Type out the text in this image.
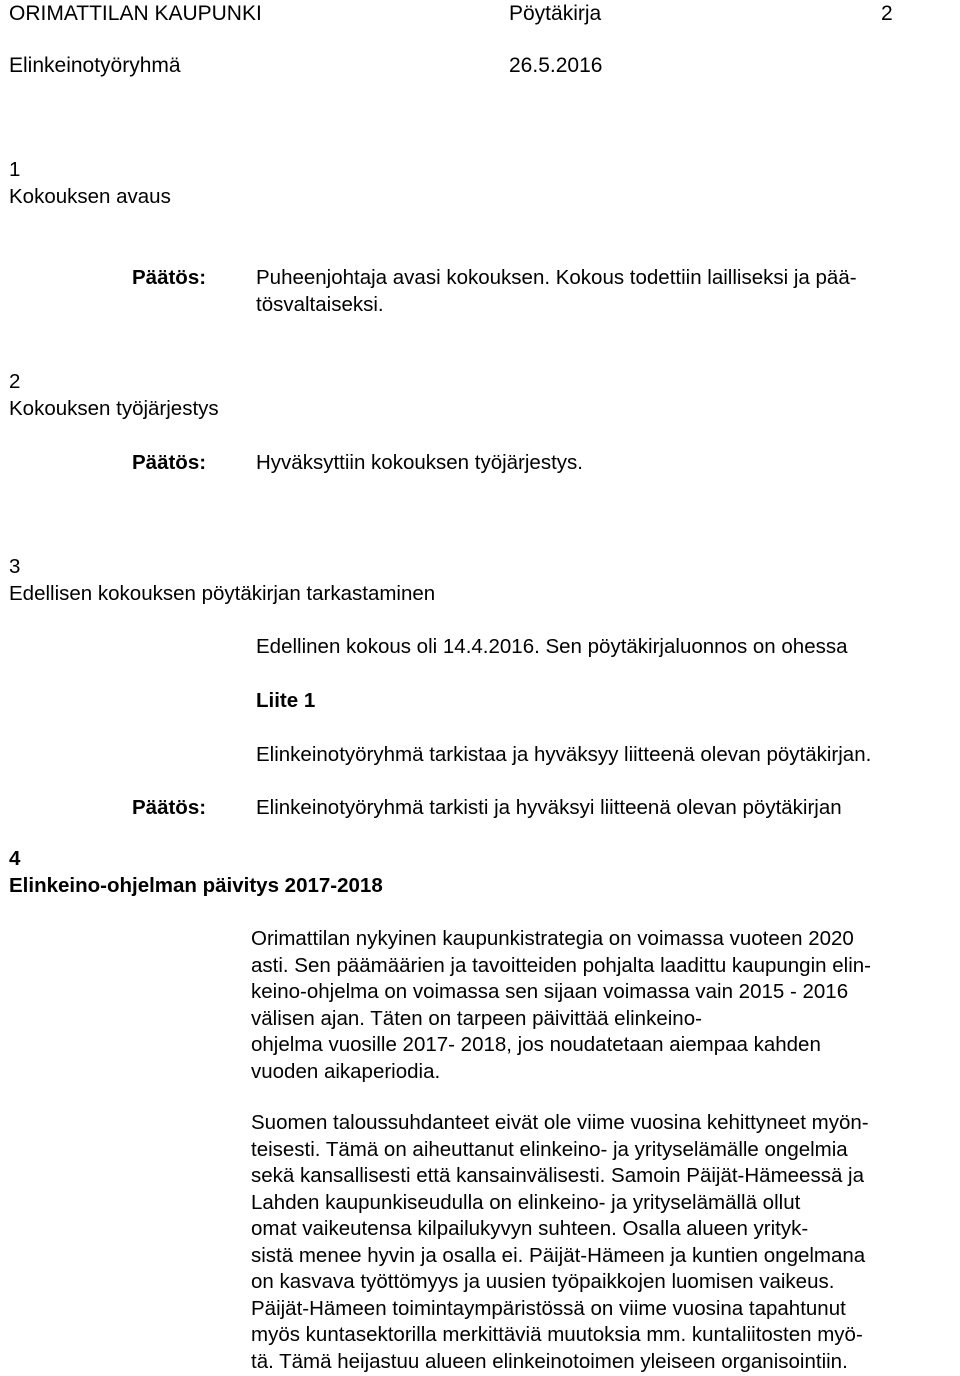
ORIMATTILAN KAUPUNKI	Pöytäkirja	2
Elinkeinotyöryhmä	26.5.2016
1
Kokouksen avaus
Päätös: Puheenjohtaja avasi kokouksen. Kokous todettiin lailliseksi ja pää-
tösvaltaiseksi.
2
Kokouksen työjärjestys
Päätös: Hyväksyttiin kokouksen työjärjestys.
3
Edellisen kokouksen pöytäkirjan tarkastaminen
Edellinen kokous oli 14.4.2016. Sen pöytäkirjaluonnos on ohessa
Liite 1
Elinkeinotyöryhmä tarkistaa ja hyväksyy liitteenä olevan pöytäkirjan.
Päätös: Elinkeinotyöryhmä tarkisti ja hyväksyi liitteenä olevan pöytäkirjan
4
Elinkeino-ohjelman päivitys 2017-2018
Orimattilan nykyinen kaupunkistrategia on voimassa vuoteen 2020
asti. Sen päämäärien ja tavoitteiden pohjalta laadittu kaupungin elin-
keino-ohjelma on voimassa sen sijaan voimassa vain 2015 - 2016
välisen ajan. Täten on tarpeen päivittää elinkeino-
ohjelma vuosille 2017- 2018, jos noudatetaan aiempaa kahden
vuoden aikaperiodia.
Suomen taloussuhdanteet eivät ole viime vuosina kehittyneet myön-
teisesti. Tämä on aiheuttanut elinkeino- ja yrityselämälle ongelmia
sekä kansallisesti että kansainvälisesti. Samoin Päijät-Hämeessä ja
Lahden kaupunkiseudulla on elinkeino- ja yrityselämällä ollut
omat vaikeutensa kilpailukyvyn suhteen. Osalla alueen yrityk-
sistä menee hyvin ja osalla ei. Päijät-Hämeen ja kuntien ongelmana
on kasvava työttömyys ja uusien työpaikkojen luomisen vaikeus.
Päijät-Hämeen toimintaympäristössä on viime vuosina tapahtunut
myös kuntasektorilla merkittäviä muutoksia mm. kuntaliitosten myö-
tä. Tämä heijastuu alueen elinkeinotoimen yleiseen organisointiin.
